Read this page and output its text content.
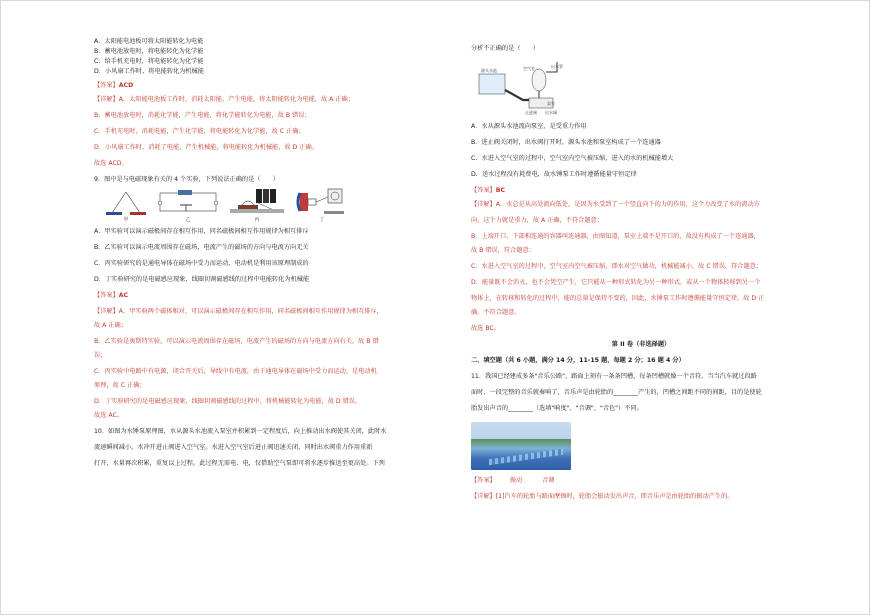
A．太阳能电池板可将太阳能转化为电能
B．蓄电池放电时，将电能转化为化学能
C．给手机充电时，将电能转化为化学能
D．小风扇工作时，将电能转化为机械能
【答案】ACD
【详解】A．太阳能电池板工作时，消耗太阳能，产生电能，将太阳能转化为电能，故 A 正确；
B．蓄电池放电时，消耗化学能，产生电能，将化学能转化为电能，故 B 错误；
C．手机充电时，消耗电能，产生化学能，将电能转化为化学能，故 C 正确；
D．小风扇工作时，消耗了电能，产生机械能，将电能转化为机械能，故 D 正确。
故选 ACD。
9．图中是与电磁现象有关的 4 个实验，下列说法正确的是（　　）
甲	乙	丙	丁
A．甲实验可以演示磁极间存在相互作用，同名磁极间相互作用规律为相互排斥
B．乙实验可以演示电流周围存在磁场，电流产生的磁场的方向与电流方向无关
C．丙实验研究的是通电导体在磁场中受力而运动，电动机是利用该原理制成的
D．丁实验研究的是电磁感应现象，线圈切割磁感线的过程中电能转化为机械能
【答案】AC
【详解】A．甲实验两个磁体相对，可以演示磁极间存在相互作用，同名磁极间相互作用规律为相互排斥，
故 A 正确；
B．乙实验是奥斯特实验，可以演示电流周围存在磁场，电流产生的磁场的方向与电流方向有关，故 B 错
误；
C．丙实验中电路中有电源，闭合开关后，导线中有电流，由于通电导体在磁场中受力而运动，是电动机
原理，故 C 正确；
D．丁实验研究的是电磁感应现象，线圈切割磁感线的过程中，将机械能转化为电能，故 D 错误。
故选 AC。
10．如图为水锤泵原理图，水从源头水池流入泵室并积累到一定程度后，向上推动出水阀使其关闭，此时水
流速瞬间减小，水冲开进止阀进入空气室。水进入空气室后进止阀迅速关闭，同时出水阀重力作用重新
打开，水量再次积累，重复以上过程。此过程无需电、电，仅借助空气泵即可将水逐步推送至更高处。下列
分析不正确的是（　　）
源头水池	空气室	出水管
止进阀 出水阀
泵室
A．水从源头水池流向泵室，是受重力作用
B．进止阀关闭时，出水阀打开时，源头水池和泵室构成了一个连通器
C．水进入空气室的过程中，空气室内空气被压缩，进入的水的机械能增大
D．送水过程没有耗费电，故水锤泵工作时遵循能量守恒定律
【答案】BC
【详解】A．水总是从高处流向低处，是因为水受到了一个竖直向下的力的作用，这个力改变了水的流动方
向，这个力就是重力，故 A 正确，不符合题意；
B．上端开口、下部相连通的容器叫连通器，由图知道，泵室上端不是开口的，故没有构成了一个连通器，
故 B 错误，符合题意；
C．水进入空气室的过程中，空气室内空气被压缩，即水对空气做功，机械能减小，故 C 错误，符合题意；
D．能量既不会消灭，也不会凭空产生，它只能从一种形式转化为另一种形式，或从一个物体转移到另一个
物体上，在转移和转化的过程中，能的总量是保持不变的，因此，水锤泵工作时遵循能量守恒定律，故 D 正
确，不符合题意。
故选 BC。
第 II 卷（非选择题）
二、填空题（共 6 小题，满分 14 分，11-15 题，每题 2 分；16 题 4 分）
11．我国已经建成多条"音乐公路"，路面上刻有一条条凹槽，每条凹槽就像一个音符，当当汽车就过段路
面时，一段完整的音乐就奏响了，音乐声是由轮胎的________产生的，凹槽之间距不同的间距，目的是使轮
胎发出声音的________（选填"响度"、"音调"、"音色"）不同。
【答案】 振动	音调
【详解】[1]汽车的轮胎与路面摩擦时，轮胎会振动发出声音，即音乐声是由轮胎的振动产生的。
